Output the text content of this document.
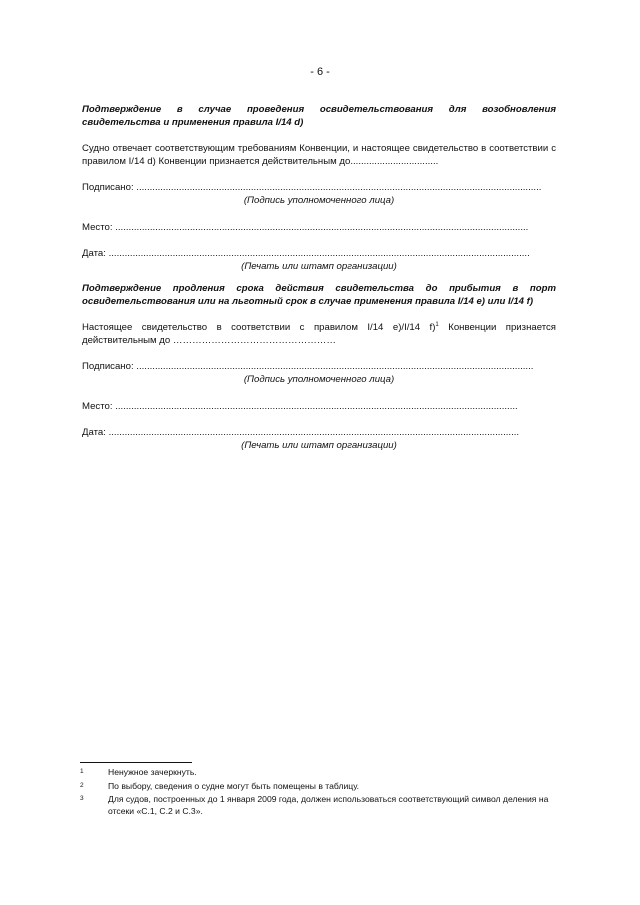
- 6 -

Подтверждение в случае проведения освидетельствования для возобновления свидетельства и применения правила I/14 d)

Судно отвечает соответствующим требованиям Конвенции, и настоящее свидетельство в соответствии с правилом I/14 d) Конвенции признается действительным до.................................

Подписано: ........................................................................................................................................................
(Подпись уполномоченного лица)
Место: ...........................................................................................................................................................
Дата: ..............................................................................................................................................................
(Печать или штамп организации)

Подтверждение продления срока действия свидетельства до прибытия в порт освидетельствования или на льготный срок в случае применения правила I/14 e) или I/14 f)

Настоящее свидетельство в соответствии с правилом I/14 e)/I/14 f)$^1$ Конвенции признается действительным до ……………………………………………

Подписано: .....................................................................................................................................................
(Подпись уполномоченного лица)
Место: .......................................................................................................................................................
Дата: ..........................................................................................................................................................
(Печать или штамп организации)
1	Ненужное зачеркнуть.
2	По выбору, сведения о судне могут быть помещены в таблицу.
3	Для судов, построенных до 1 января 2009 года, должен использоваться соответствующий символ деления на отсеки «С.1, С.2 и С.3».
